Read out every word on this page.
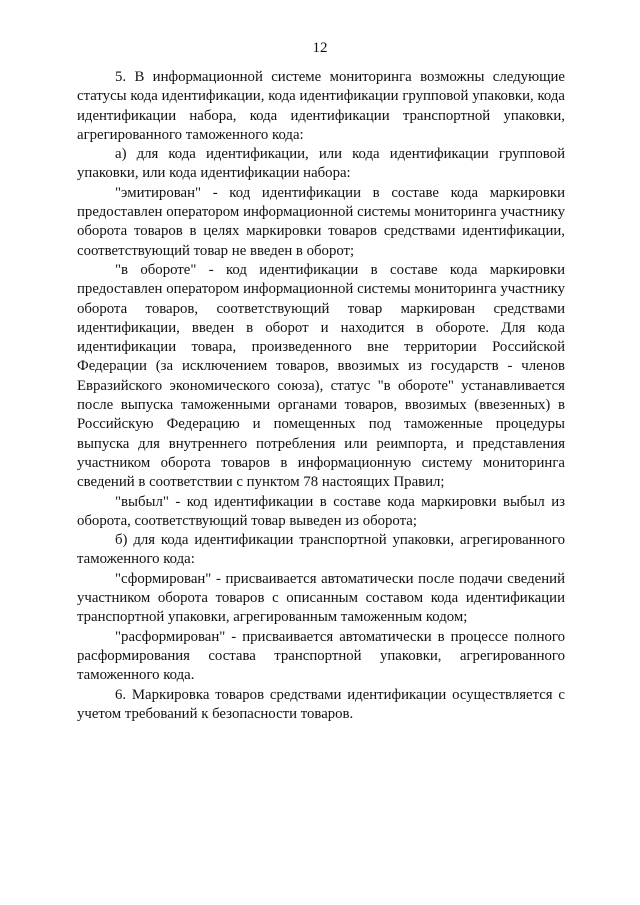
12

5. В информационной системе мониторинга возможны следующие статусы кода идентификации, кода идентификации групповой упаковки, кода идентификации набора, кода идентификации транспортной упаковки, агрегированного таможенного кода:

а) для кода идентификации, или кода идентификации групповой упаковки, или кода идентификации набора:

"эмитирован" - код идентификации в составе кода маркировки предоставлен оператором информационной системы мониторинга участнику оборота товаров в целях маркировки товаров средствами идентификации, соответствующий товар не введен в оборот;

"в обороте" - код идентификации в составе кода маркировки предоставлен оператором информационной системы мониторинга участнику оборота товаров, соответствующий товар маркирован средствами идентификации, введен в оборот и находится в обороте. Для кода идентификации товара, произведенного вне территории Российской Федерации (за исключением товаров, ввозимых из государств - членов Евразийского экономического союза), статус "в обороте" устанавливается после выпуска таможенными органами товаров, ввозимых (ввезенных) в Российскую Федерацию и помещенных под таможенные процедуры выпуска для внутреннего потребления или реимпорта, и представления участником оборота товаров в информационную систему мониторинга сведений в соответствии с пунктом 78 настоящих Правил;

"выбыл" - код идентификации в составе кода маркировки выбыл из оборота, соответствующий товар выведен из оборота;

б) для кода идентификации транспортной упаковки, агрегированного таможенного кода:

"сформирован" - присваивается автоматически после подачи сведений участником оборота товаров с описанным составом кода идентификации транспортной упаковки, агрегированным таможенным кодом;

"расформирован" - присваивается автоматически в процессе полного расформирования состава транспортной упаковки, агрегированного таможенного кода.

6. Маркировка товаров средствами идентификации осуществляется с учетом требований к безопасности товаров.
